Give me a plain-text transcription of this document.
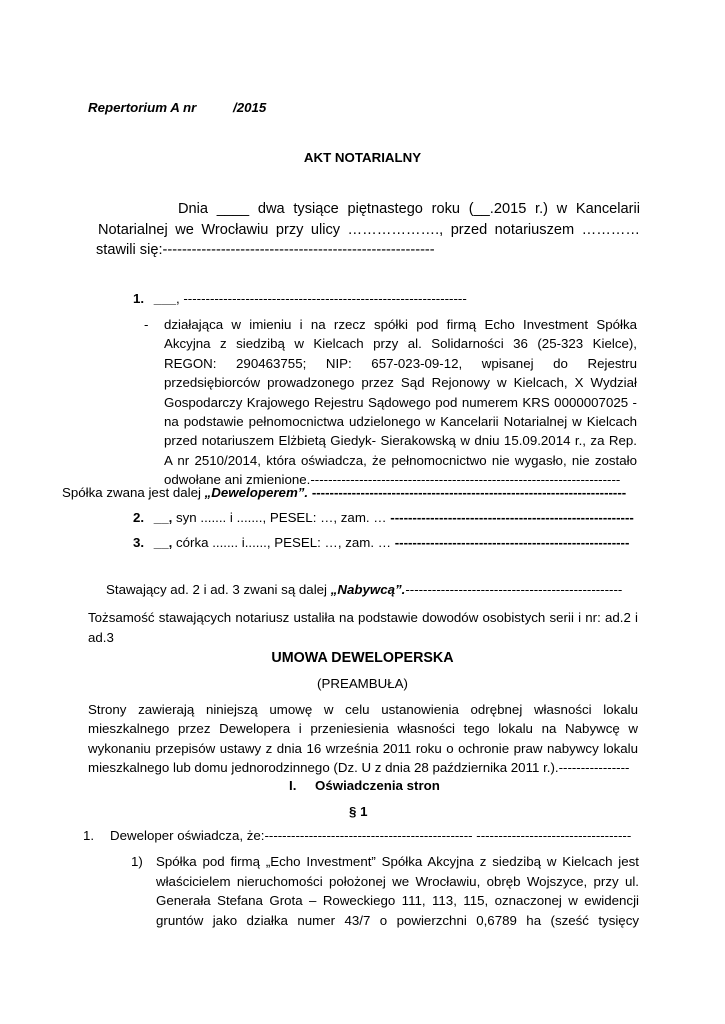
Repertorium A nr	/2015
AKT NOTARIALNY
Dnia ____ dwa tysiące piętnastego roku (__.2015 r.) w Kancelarii
Notarialnej we Wrocławiu przy ulicy ………………., przed notariuszem …………
stawili się:--------------------------------------------------------
1. ___, ----------------------------------------------------------------
- działająca w imieniu i na rzecz spółki pod firmą Echo Investment Spółka
Akcyjna z siedzibą w Kielcach przy al. Solidarności 36 (25-323 Kielce),
REGON: 290463755; NIP: 657-023-09-12, wpisanej do Rejestru
przedsiębiorców prowadzonego przez Sąd Rejonowy w Kielcach, X Wydział
Gospodarczy Krajowego Rejestru Sądowego pod numerem KRS 0000007025 -
na podstawie pełnomocnictwa udzielonego w Kancelarii Notarialnej w Kielcach
przed notariuszem Elżbietą Giedyk- Sierakowską w dniu 15.09.2014 r., za Rep.
A nr 2510/2014, która oświadcza, że pełnomocnictwo nie wygasło, nie zostało
odwołane ani zmienione.----------------------------------------------------------------------
Spółka zwana jest dalej „Deweloperem”. -----------------------------------------------------------------------
2. __, syn ....... i ......., PESEL: …, zam. … -------------------------------------------------------
3. __, córka ....... i......, PESEL: …, zam. … -----------------------------------------------------
Stawający ad. 2 i ad. 3 zwani są dalej „Nabywcą”.-------------------------------------------------
Tożsamość stawających notariusz ustaliła na podstawie dowodów osobistych serii i nr: ad.2 i
ad.3
UMOWA DEWELOPERSKA
(PREAMBUŁA)
Strony zawierają niniejszą umowę w celu ustanowienia odrębnej własności lokalu
mieszkalnego przez Dewelopera i przeniesienia własności tego lokalu na Nabywcę w
wykonaniu przepisów ustawy z dnia 16 września 2011 roku o ochronie praw nabywcy lokalu
mieszkalnego lub domu jednorodzinnego (Dz. U z dnia 28 października 2011 r.).----------------
I. Oświadczenia stron
§ 1
1. Deweloper oświadcza, że:----------------------------------------------- -----------------------------------
1) Spółka pod firmą „Echo Investment” Spółka Akcyjna z siedzibą w Kielcach jest
właścicielem nieruchomości położonej we Wrocławiu, obręb Wojszyce, przy ul.
Generała Stefana Grota – Roweckiego 111, 113, 115, oznaczonej w ewidencji
gruntów jako działka numer 43/7 o powierzchni 0,6789 ha (sześć tysięcy
